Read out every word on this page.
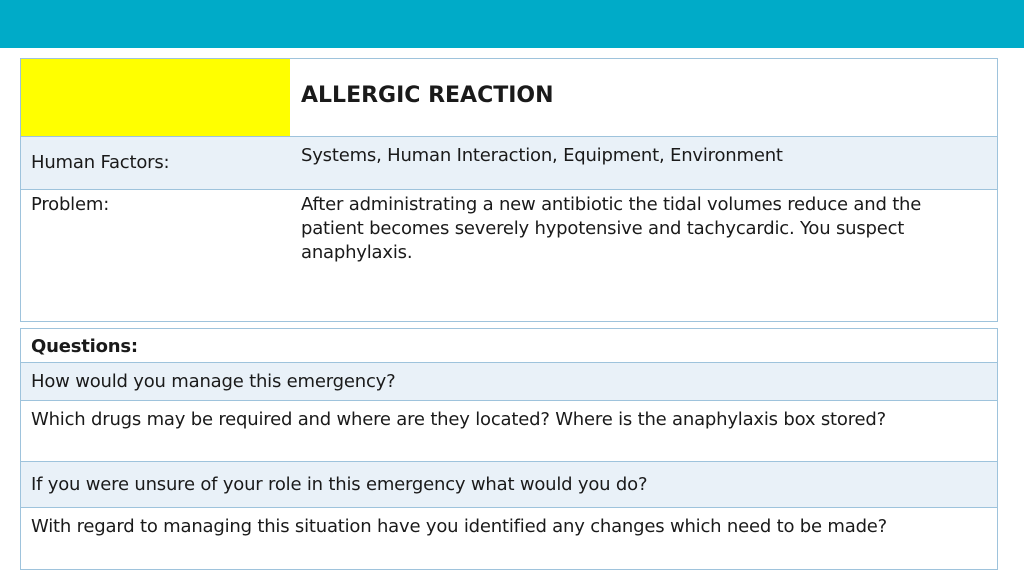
ALLERGIC REACTION
Human Factors:	Systems, Human Interaction, Equipment, Environment
Problem:	After administrating a new antibiotic the tidal volumes reduce and the patient becomes severely hypotensive and tachycardic. You suspect anaphylaxis.
Questions:
How would you manage this emergency?
Which drugs may be required and where are they located? Where is the anaphylaxis box stored?
If you were unsure of your role in this emergency what would you do?
With regard to managing this situation have you identified any changes which need to be made?
